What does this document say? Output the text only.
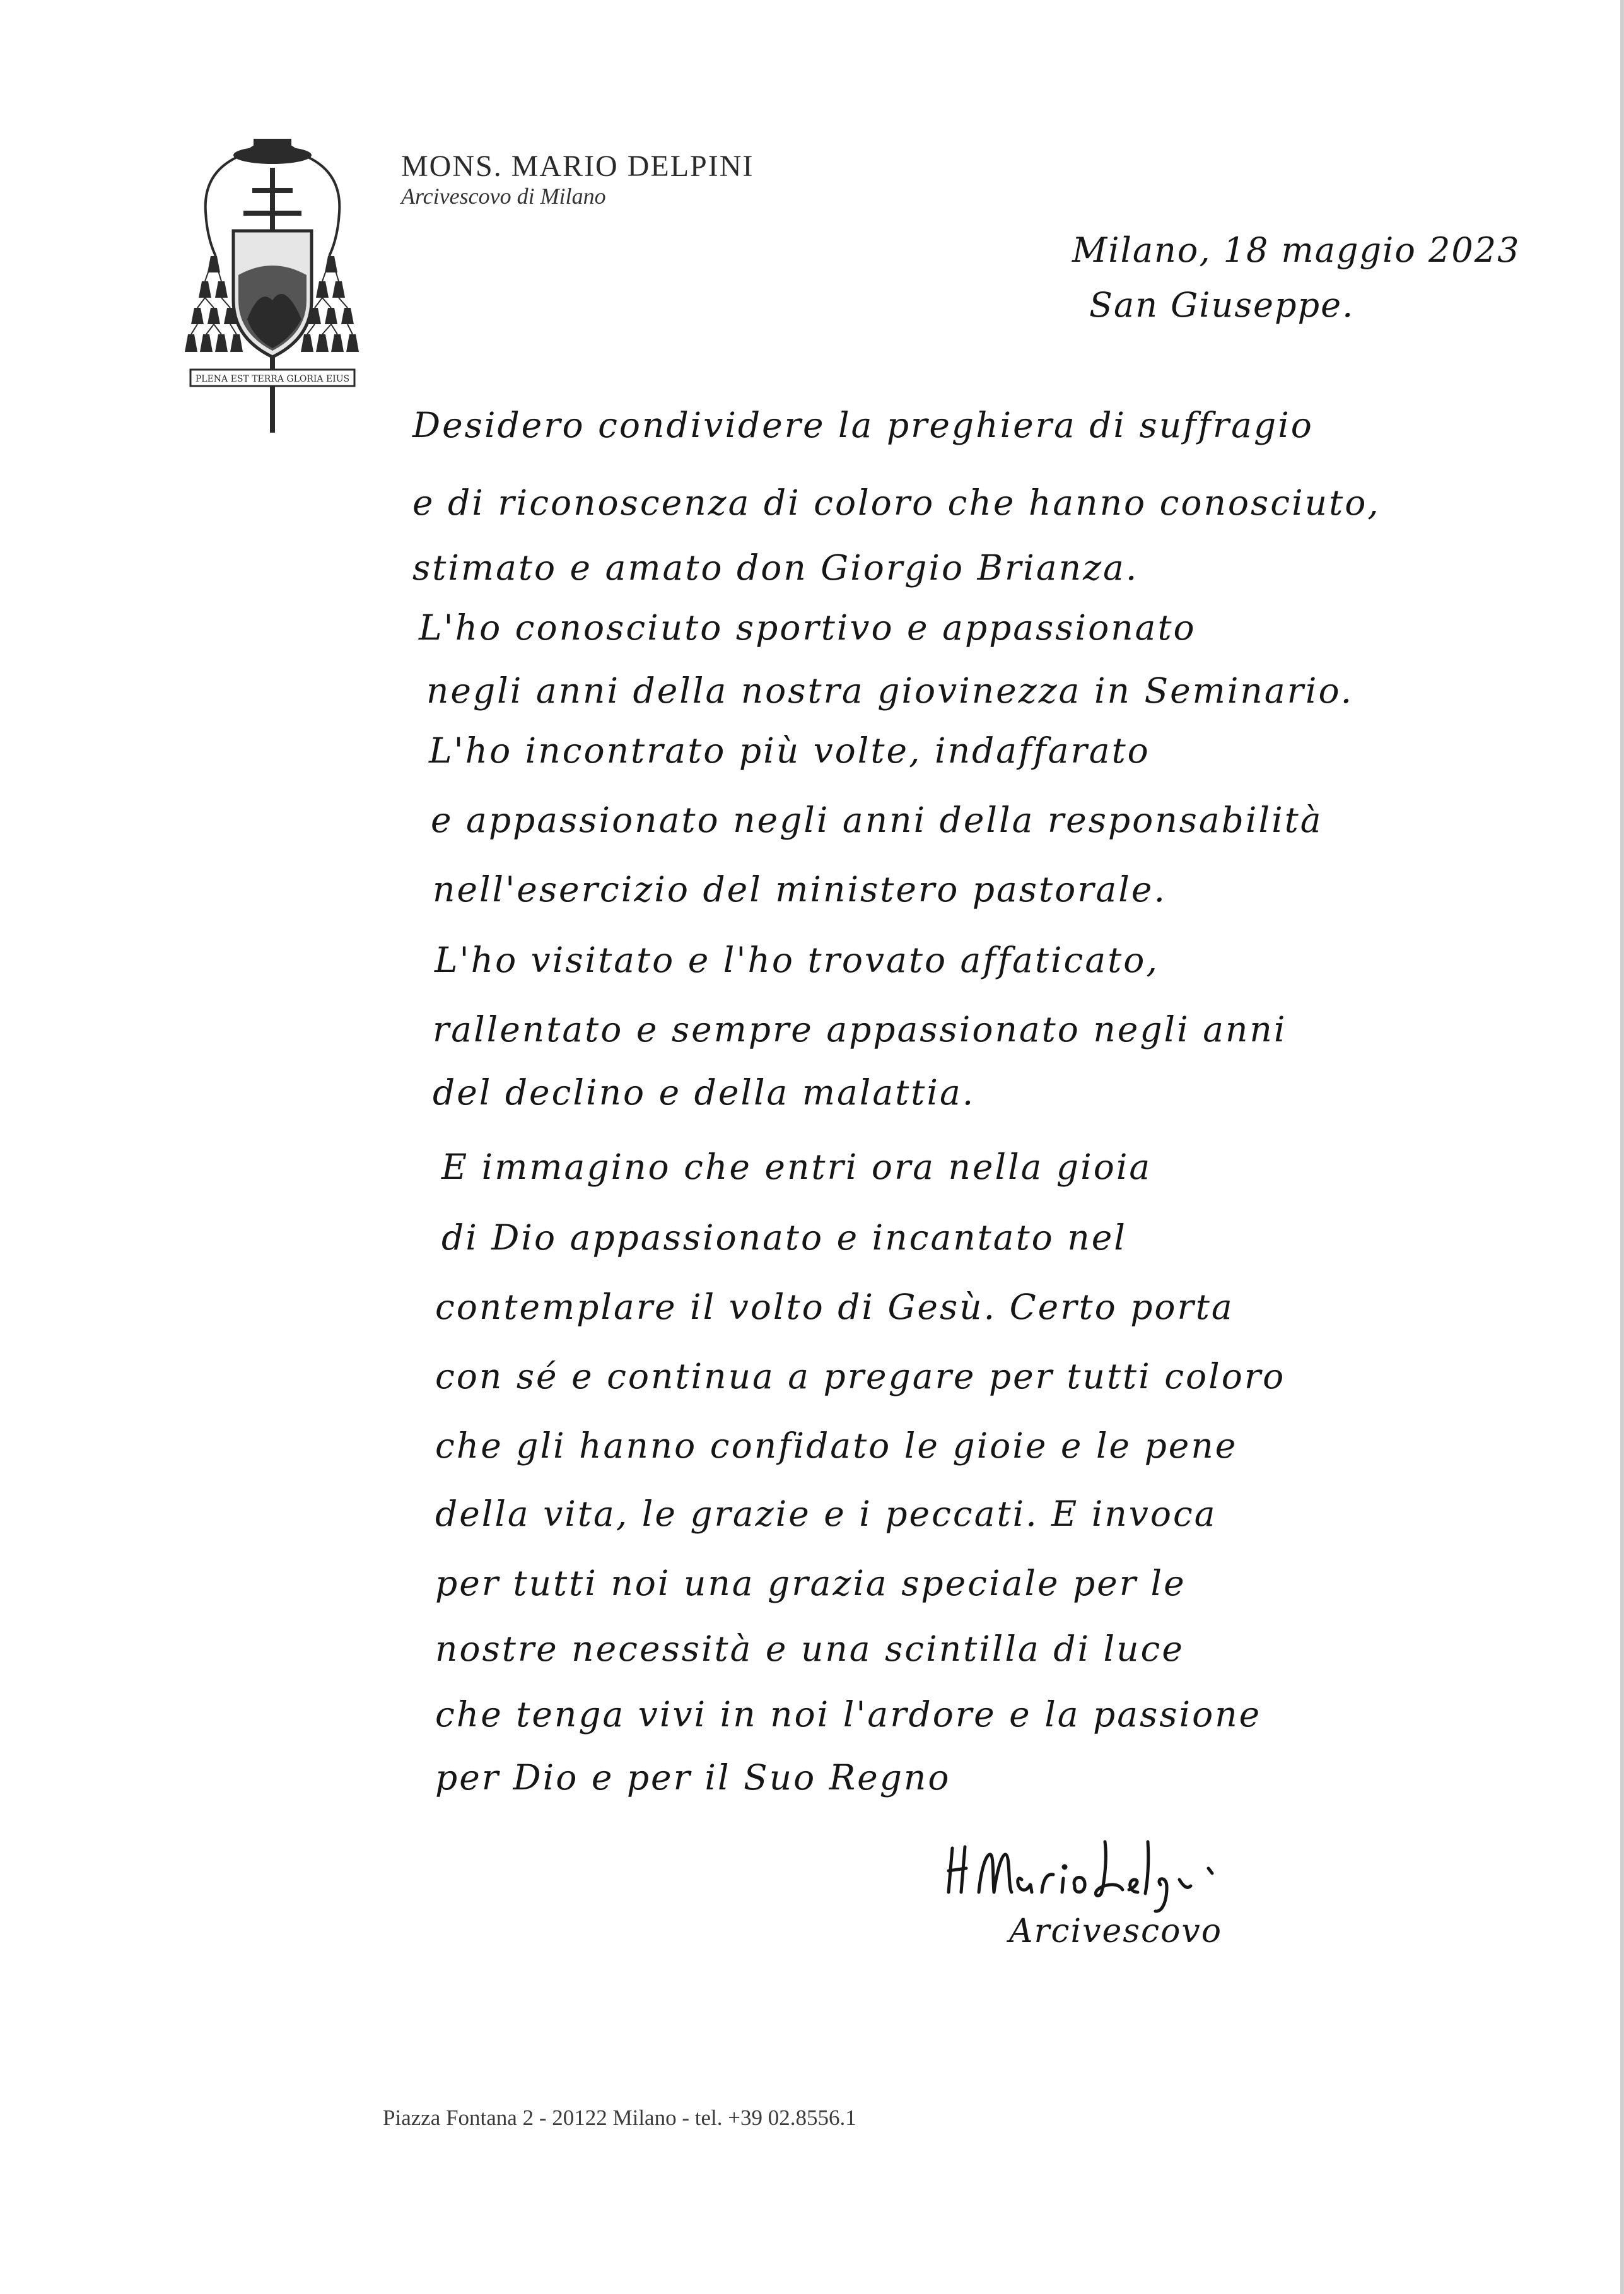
PLENA EST TERRA GLORIA EIUS
MONS. MARIO DELPINI
Arcivescovo di Milano
Milano, 18 maggio 2023
San Giuseppe.
Desidero condividere la preghiera di suffragio
e di riconoscenza di coloro che hanno conosciuto,
stimato e amato don Giorgio Brianza.
L'ho conosciuto sportivo e appassionato
negli anni della nostra giovinezza in Seminario.
L'ho incontrato più volte, indaffarato
e appassionato negli anni della responsabilità
nell'esercizio del ministero pastorale.
L'ho visitato e l'ho trovato affaticato,
rallentato e sempre appassionato negli anni
del declino e della malattia.
E immagino che entri ora nella gioia
di Dio appassionato e incantato nel
contemplare il volto di Gesù. Certo porta
con sé e continua a pregare per tutti coloro
che gli hanno confidato le gioie e le pene
della vita, le grazie e i peccati. E invoca
per tutti noi una grazia speciale per le
nostre necessità e una scintilla di luce
che tenga vivi in noi l'ardore e la passione
per Dio e per il Suo Regno
Arcivescovo
Piazza Fontana 2 - 20122 Milano - tel. +39 02.8556.1
